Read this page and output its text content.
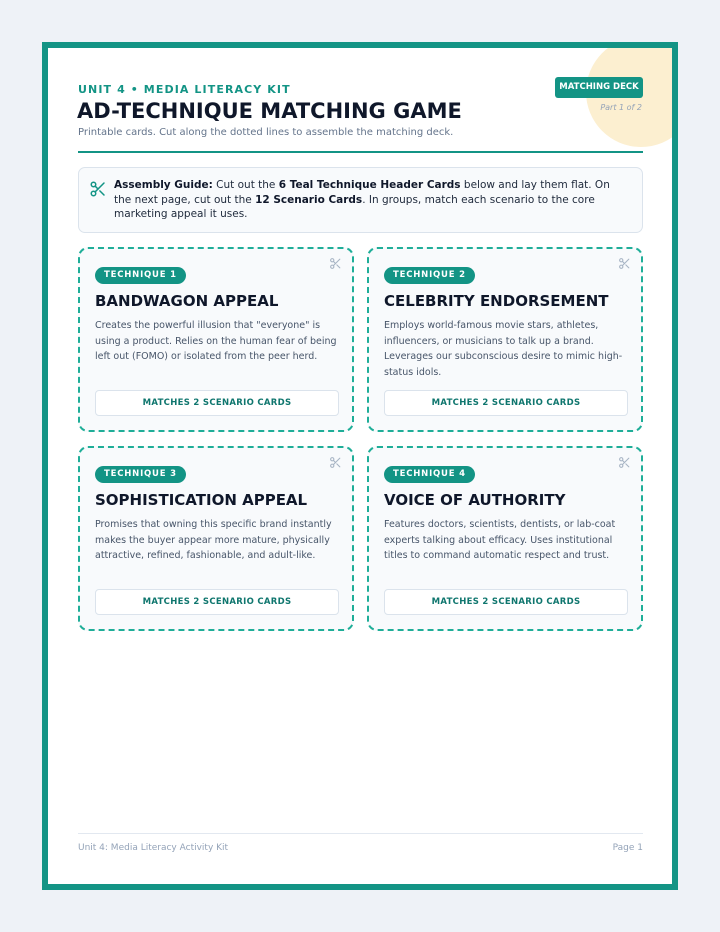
UNIT 4 • MEDIA LITERACY KIT
AD-TECHNIQUE MATCHING GAME
Printable cards. Cut along the dotted lines to assemble the matching deck.
MATCHING DECK
Part 1 of 2
Assembly Guide: Cut out the 6 Teal Technique Header Cards below and lay them flat. On the next page, cut out the 12 Scenario Cards. In groups, match each scenario to the core marketing appeal it uses.
TECHNIQUE 1
BANDWAGON APPEAL
Creates the powerful illusion that "everyone" is using a product. Relies on the human fear of being left out (FOMO) or isolated from the peer herd.
MATCHES 2 SCENARIO CARDS
TECHNIQUE 2
CELEBRITY ENDORSEMENT
Employs world-famous movie stars, athletes, influencers, or musicians to talk up a brand. Leverages our subconscious desire to mimic high-status idols.
MATCHES 2 SCENARIO CARDS
TECHNIQUE 3
SOPHISTICATION APPEAL
Promises that owning this specific brand instantly makes the buyer appear more mature, physically attractive, refined, fashionable, and adult-like.
MATCHES 2 SCENARIO CARDS
TECHNIQUE 4
VOICE OF AUTHORITY
Features doctors, scientists, dentists, or lab-coat experts talking about efficacy. Uses institutional titles to command automatic respect and trust.
MATCHES 2 SCENARIO CARDS
Unit 4: Media Literacy Activity Kit	Page 1
